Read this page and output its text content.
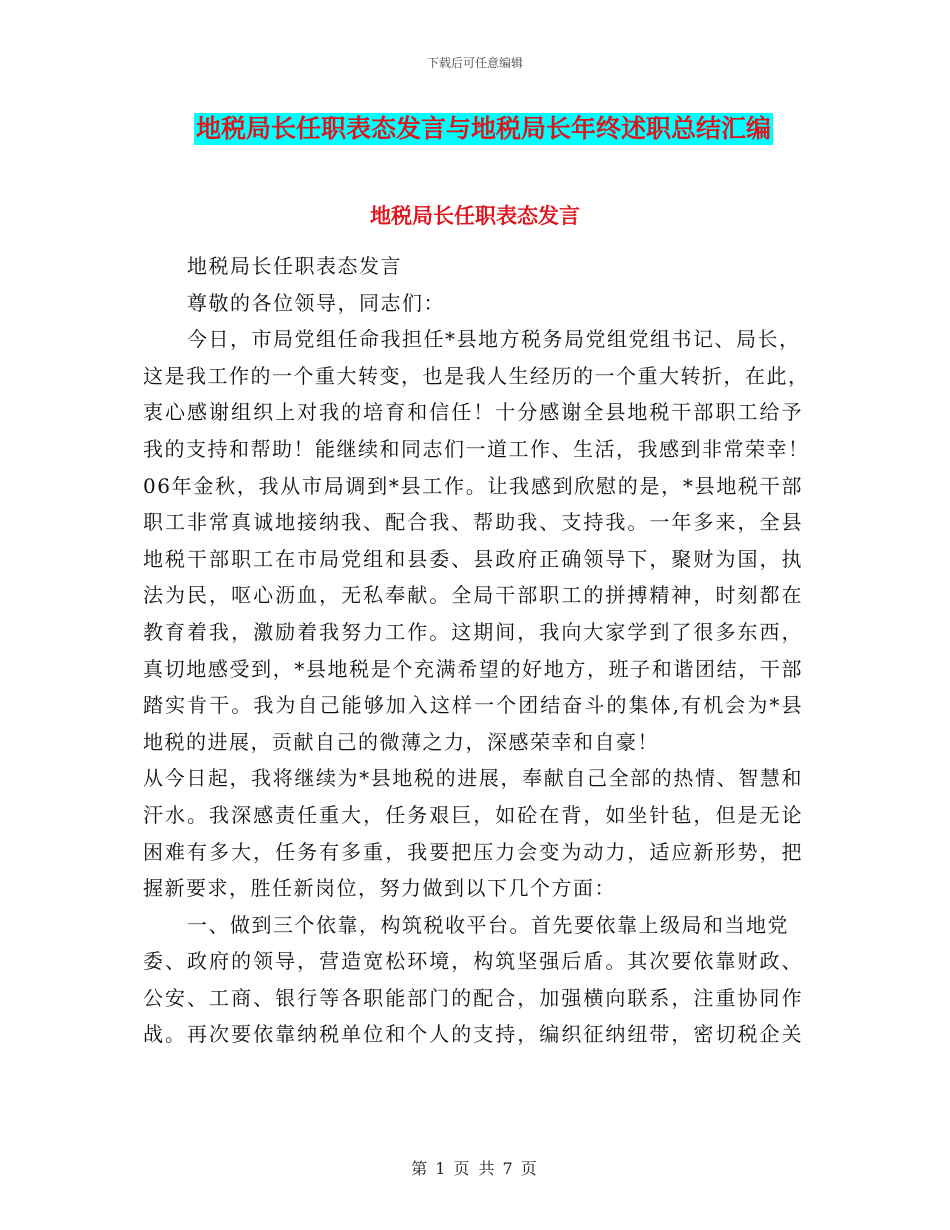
下载后可任意编辑
地税局长任职表态发言与地税局长年终述职总结汇编
地税局长任职表态发言
地税局长任职表态发言
尊敬的各位领导，同志们：
今日，市局党组任命我担任*县地方税务局党组党组书记、局长，
这是我工作的一个重大转变，也是我人生经历的一个重大转折，在此，
衷心感谢组织上对我的培育和信任！十分感谢全县地税干部职工给予
我的支持和帮助！能继续和同志们一道工作、生活，我感到非常荣幸！
06年金秋，我从市局调到*县工作。让我感到欣慰的是，*县地税干部
职工非常真诚地接纳我、配合我、帮助我、支持我。一年多来，全县
地税干部职工在市局党组和县委、县政府正确领导下，聚财为国，执
法为民，呕心沥血，无私奉献。全局干部职工的拼搏精神，时刻都在
教育着我，激励着我努力工作。这期间，我向大家学到了很多东西，
真切地感受到，*县地税是个充满希望的好地方，班子和谐团结，干部
踏实肯干。我为自己能够加入这样一个团结奋斗的集体,有机会为*县
地税的进展，贡献自己的微薄之力，深感荣幸和自豪！
从今日起，我将继续为*县地税的进展，奉献自己全部的热情、智慧和
汗水。我深感责任重大，任务艰巨，如砼在背，如坐针毡，但是无论
困难有多大，任务有多重，我要把压力会变为动力，适应新形势，把
握新要求，胜任新岗位，努力做到以下几个方面：
一、做到三个依靠，构筑税收平台。首先要依靠上级局和当地党
委、政府的领导，营造宽松环境，构筑坚强后盾。其次要依靠财政、
公安、工商、银行等各职能部门的配合，加强横向联系，注重协同作
战。再次要依靠纳税单位和个人的支持，编织征纳纽带，密切税企关
第 1 页 共 7 页
